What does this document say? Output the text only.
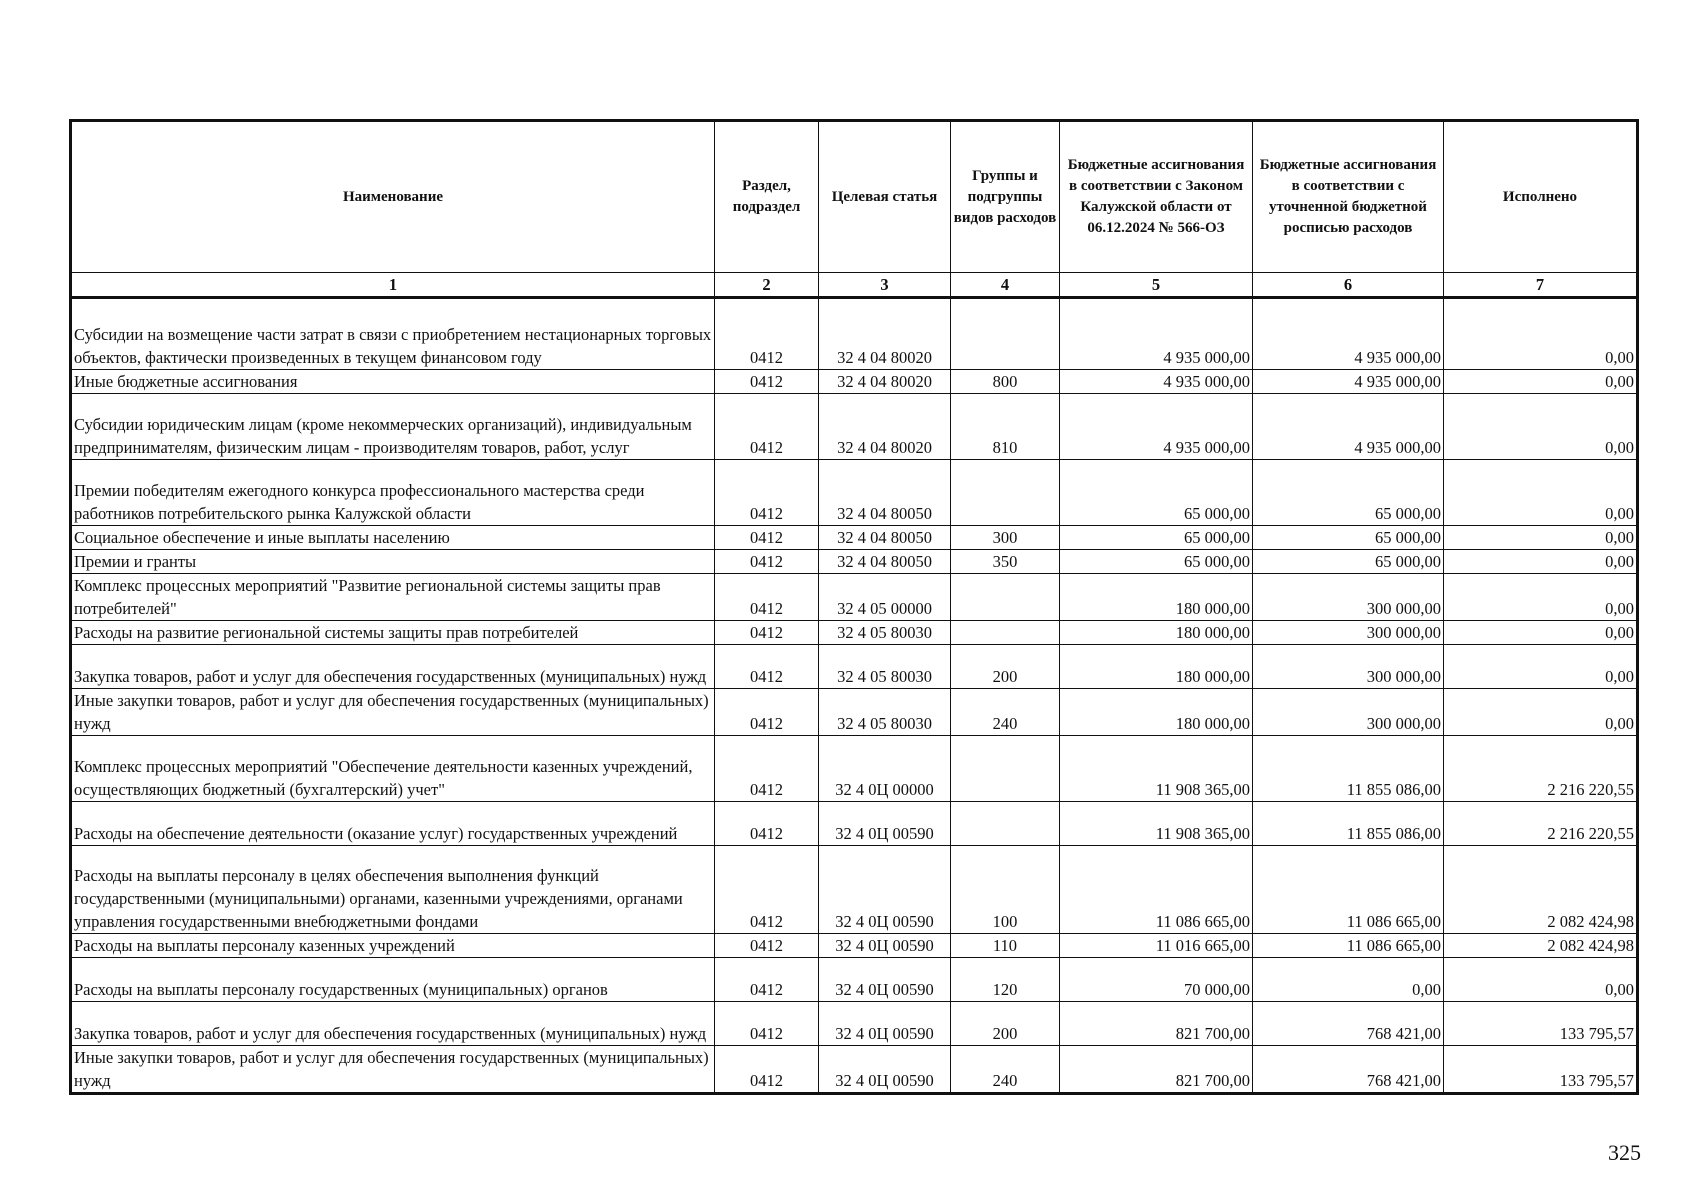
Наименование	Раздел, подраздел	Целевая статья	Группы и подгруппы видов расходов	Бюджетные ассигнования в соответствии с Законом Калужской области от 06.12.2024 № 566-ОЗ	Бюджетные ассигнования в соответствии с уточненной бюджетной росписью расходов	Исполнено
1	2	3	4	5	6	7
Субсидии на возмещение части затрат в связи с приобретением нестационарных торговых объектов, фактически произведенных в текущем финансовом году	0412	32 4 04 80020		4 935 000,00	4 935 000,00	0,00
Иные бюджетные ассигнования	0412	32 4 04 80020	800	4 935 000,00	4 935 000,00	0,00
Субсидии юридическим лицам (кроме некоммерческих организаций), индивидуальным предпринимателям, физическим лицам - производителям товаров, работ, услуг	0412	32 4 04 80020	810	4 935 000,00	4 935 000,00	0,00
Премии победителям ежегодного конкурса профессионального мастерства среди работников потребительского рынка Калужской области	0412	32 4 04 80050		65 000,00	65 000,00	0,00
Социальное обеспечение и иные выплаты населению	0412	32 4 04 80050	300	65 000,00	65 000,00	0,00
Премии и гранты	0412	32 4 04 80050	350	65 000,00	65 000,00	0,00
Комплекс процессных мероприятий "Развитие региональной системы защиты прав потребителей"	0412	32 4 05 00000		180 000,00	300 000,00	0,00
Расходы на развитие региональной системы защиты прав потребителей	0412	32 4 05 80030		180 000,00	300 000,00	0,00
Закупка товаров, работ и услуг для обеспечения государственных (муниципальных) нужд	0412	32 4 05 80030	200	180 000,00	300 000,00	0,00
Иные закупки товаров, работ и услуг для обеспечения государственных (муниципальных) нужд	0412	32 4 05 80030	240	180 000,00	300 000,00	0,00
Комплекс процессных мероприятий "Обеспечение деятельности казенных учреждений, осуществляющих бюджетный (бухгалтерский) учет"	0412	32 4 0Ц 00000		11 908 365,00	11 855 086,00	2 216 220,55
Расходы на обеспечение деятельности (оказание услуг) государственных учреждений	0412	32 4 0Ц 00590		11 908 365,00	11 855 086,00	2 216 220,55
Расходы на выплаты персоналу в целях обеспечения выполнения функций государственными (муниципальными) органами, казенными учреждениями, органами управления государственными внебюджетными фондами	0412	32 4 0Ц 00590	100	11 086 665,00	11 086 665,00	2 082 424,98
Расходы на выплаты персоналу казенных учреждений	0412	32 4 0Ц 00590	110	11 016 665,00	11 086 665,00	2 082 424,98
Расходы на выплаты персоналу государственных (муниципальных) органов	0412	32 4 0Ц 00590	120	70 000,00	0,00	0,00
Закупка товаров, работ и услуг для обеспечения государственных (муниципальных) нужд	0412	32 4 0Ц 00590	200	821 700,00	768 421,00	133 795,57
Иные закупки товаров, работ и услуг для обеспечения государственных (муниципальных) нужд	0412	32 4 0Ц 00590	240	821 700,00	768 421,00	133 795,57
325
